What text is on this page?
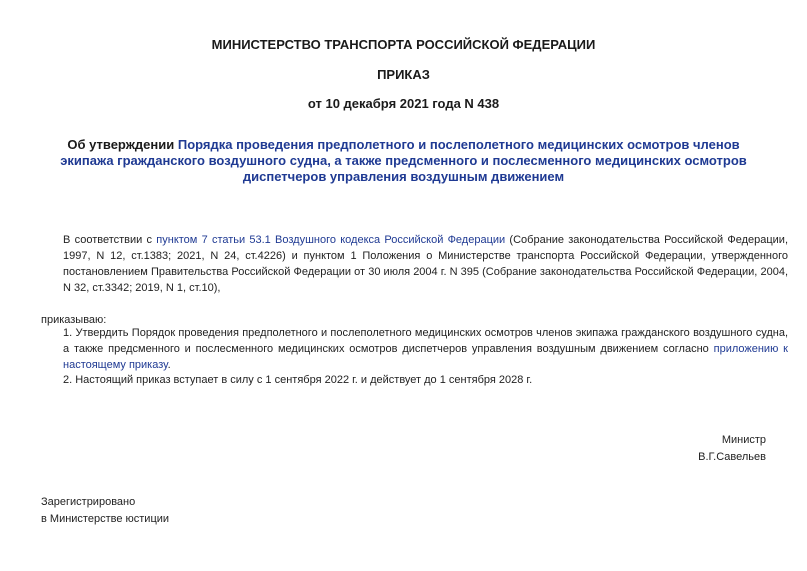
МИНИСТЕРСТВО ТРАНСПОРТА РОССИЙСКОЙ ФЕДЕРАЦИИ
ПРИКАЗ
от 10 декабря 2021 года N 438

Об утверждении Порядка проведения предполетного и послеполетного медицинских осмотров членов экипажа гражданского воздушного судна, а также предсменного и послесменного медицинских осмотров диспетчеров управления воздушным движением

В соответствии с пунктом 7 статьи 53.1 Воздушного кодекса Российской Федерации (Собрание законодательства Российской Федерации, 1997, N 12, ст.1383; 2021, N 24, ст.4226) и пунктом 1 Положения о Министерстве транспорта Российской Федерации, утвержденного постановлением Правительства Российской Федерации от 30 июля 2004 г. N 395 (Собрание законодательства Российской Федерации, 2004, N 32, ст.3342; 2019, N 1, ст.10),

приказываю:

1. Утвердить Порядок проведения предполетного и послеполетного медицинских осмотров членов экипажа гражданского воздушного судна, а также предсменного и послесменного медицинских осмотров диспетчеров управления воздушным движением согласно приложению к настоящему приказу.

2. Настоящий приказ вступает в силу с 1 сентября 2022 г. и действует до 1 сентября 2028 г.

Министр
В.Г.Савельев
Зарегистрировано
в Министерстве юстиции
